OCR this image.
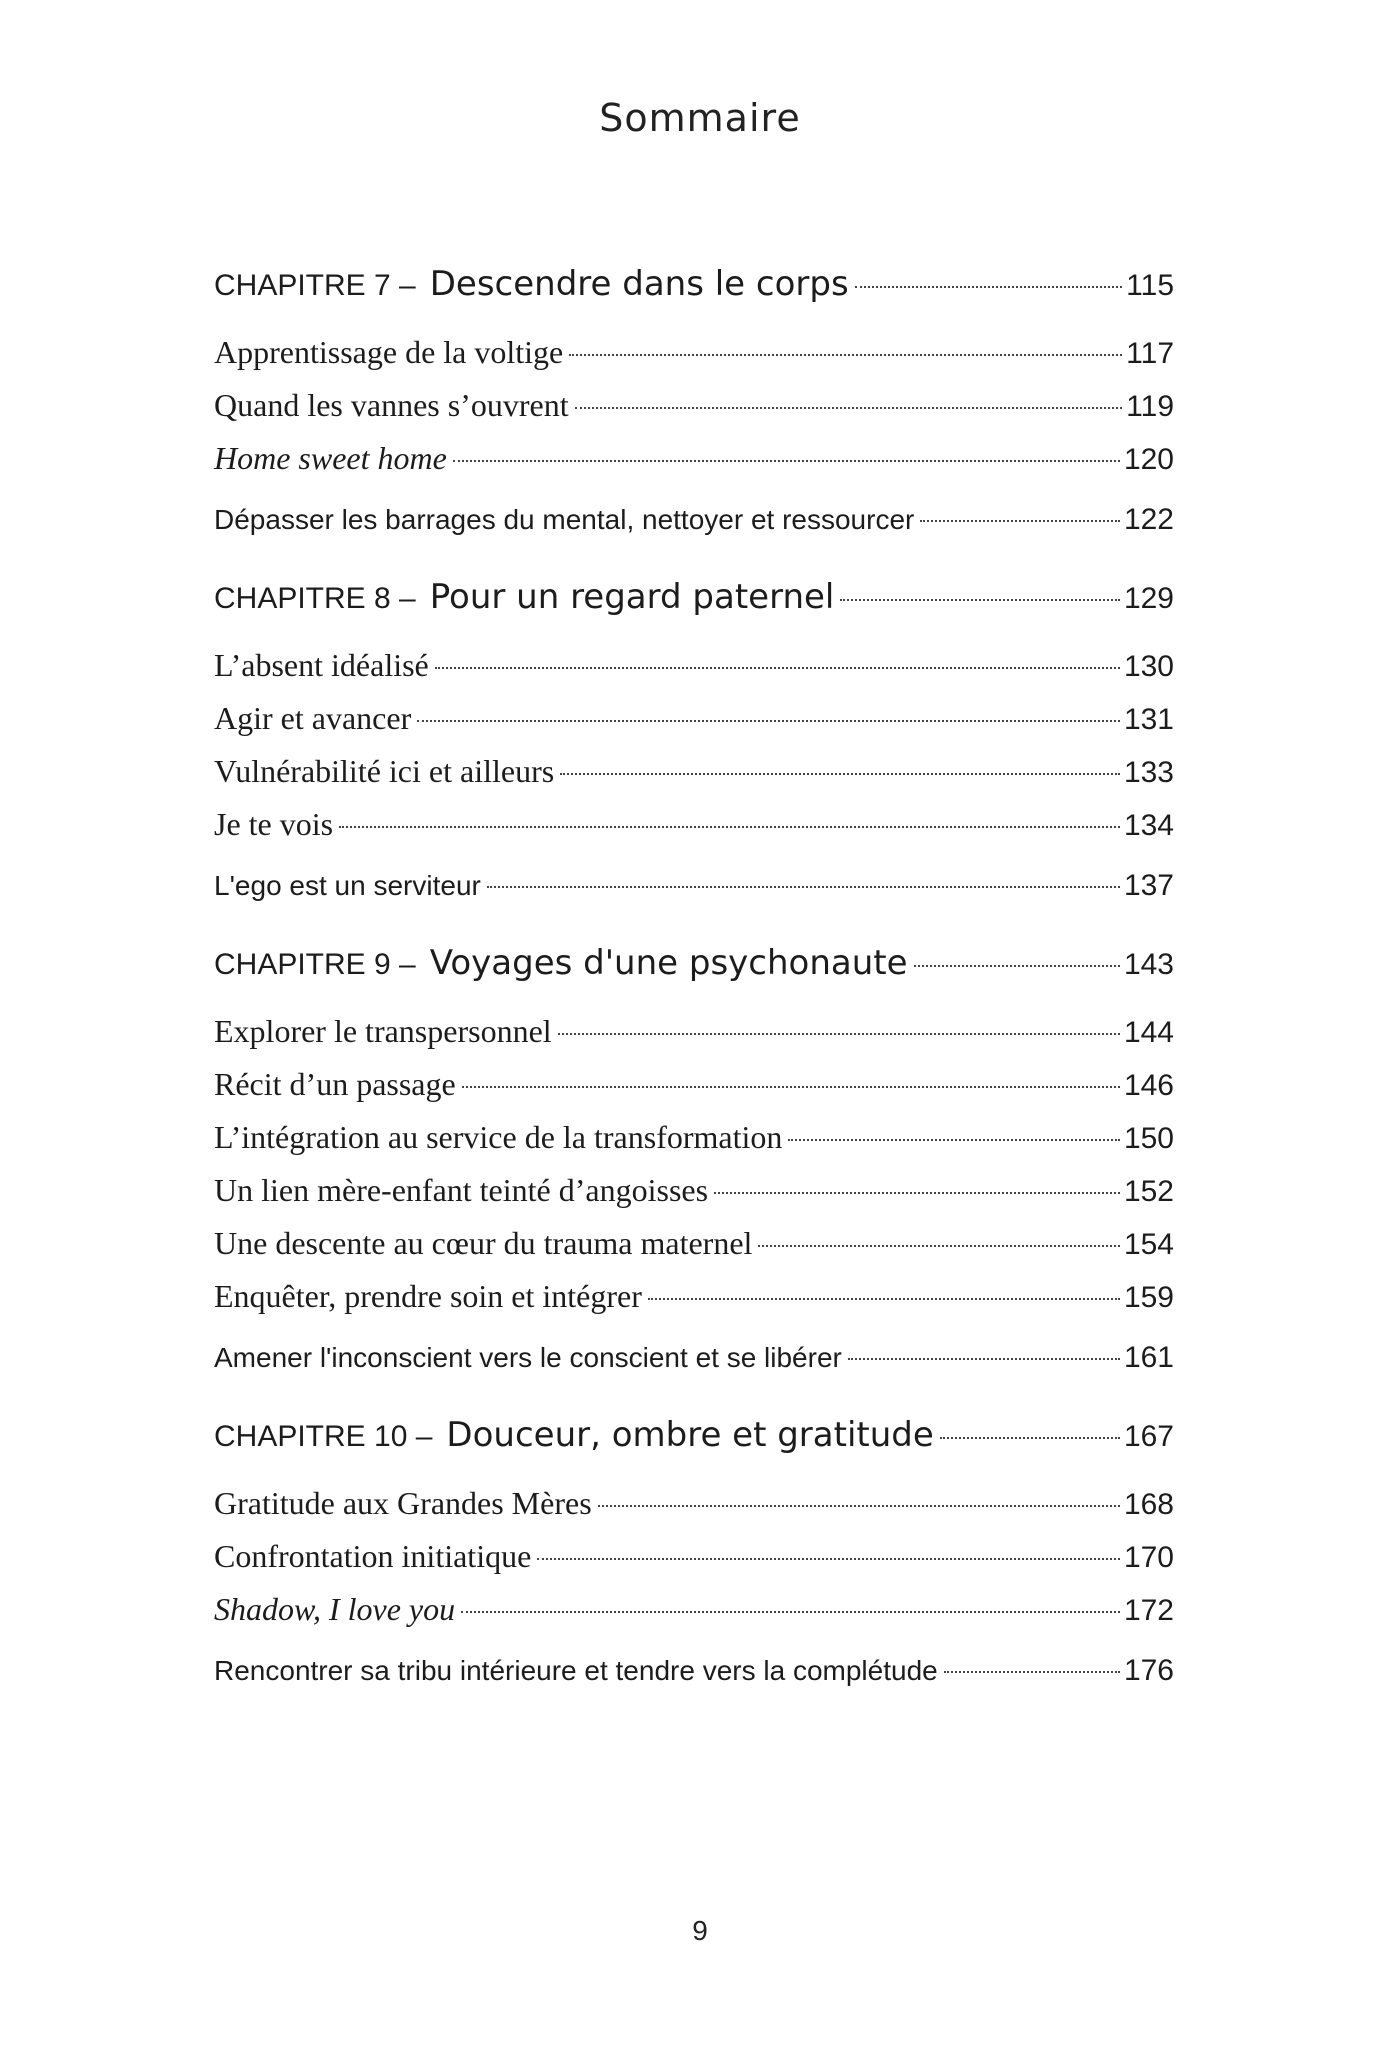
Sommaire
CHAPITRE 7 – Descendre dans le corps	115
Apprentissage de la voltige	117
Quand les vannes s’ouvrent	119
Home sweet home	120
Dépasser les barrages du mental, nettoyer et ressourcer	122
CHAPITRE 8 – Pour un regard paternel	129
L’absent idéalisé	130
Agir et avancer	131
Vulnérabilité ici et ailleurs	133
Je te vois	134
L'ego est un serviteur	137
CHAPITRE 9 – Voyages d'une psychonaute	143
Explorer le transpersonnel	144
Récit d’un passage	146
L’intégration au service de la transformation	150
Un lien mère-enfant teinté d’angoisses	152
Une descente au cœur du trauma maternel	154
Enquêter, prendre soin et intégrer	159
Amener l'inconscient vers le conscient et se libérer	161
CHAPITRE 10 – Douceur, ombre et gratitude	167
Gratitude aux Grandes Mères	168
Confrontation initiatique	170
Shadow, I love you	172
Rencontrer sa tribu intérieure et tendre vers la complétude	176
9
